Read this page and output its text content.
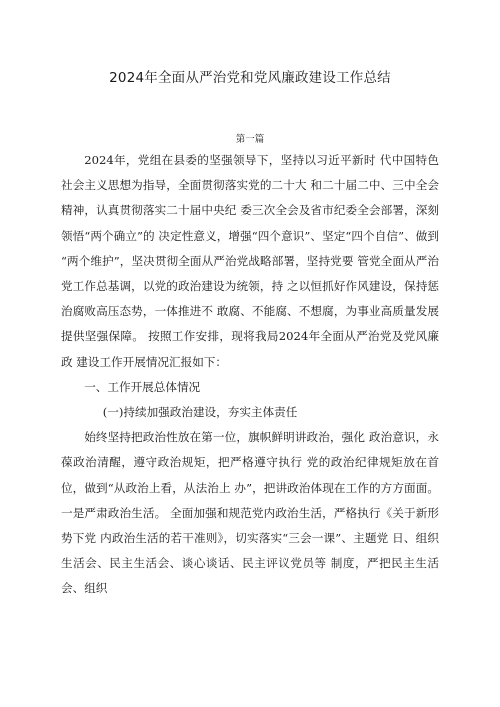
2024年全面从严治党和党风廉政建设工作总结
第一篇

2024年，党组在县委的坚强领导下，坚持以习近平新时 代中国特色社会主义思想为指导，全面贯彻落实党的二十大 和二十届二中、三中全会精神，认真贯彻落实二十届中央纪 委三次全会及省市纪委全会部署，深刻领悟“两个确立”的 决定性意义，增强“四个意识”、坚定“四个自信”、做到 “两个维护”，坚决贯彻全面从严治党战略部署，坚持党要 管党全面从严治党工作总基调，以党的政治建设为统领，持 之以恒抓好作风建设，保持惩治腐败高压态势，一体推进不 敢腐、不能腐、不想腐，为事业高质量发展提供坚强保障。 按照工作安排，现将我局2024年全面从严治党及党风廉政 建设工作开展情况汇报如下：

一、工作开展总体情况

(一)持续加强政治建设，夯实主体责任

始终坚持把政治性放在第一位，旗帜鲜明讲政治，强化 政治意识，永葆政治清醒，遵守政治规矩，把严格遵守执行 党的政治纪律规矩放在首位，做到“从政治上看，从法治上 办”，把讲政治体现在工作的方方面面。一是严肃政治生活。 全面加强和规范党内政治生活，严格执行《关于新形势下党 内政治生活的若干准则》，切实落实“三会一课”、主题党 日、组织生活会、民主生活会、谈心谈话、民主评议党员等 制度，严把民主生活会、组织
